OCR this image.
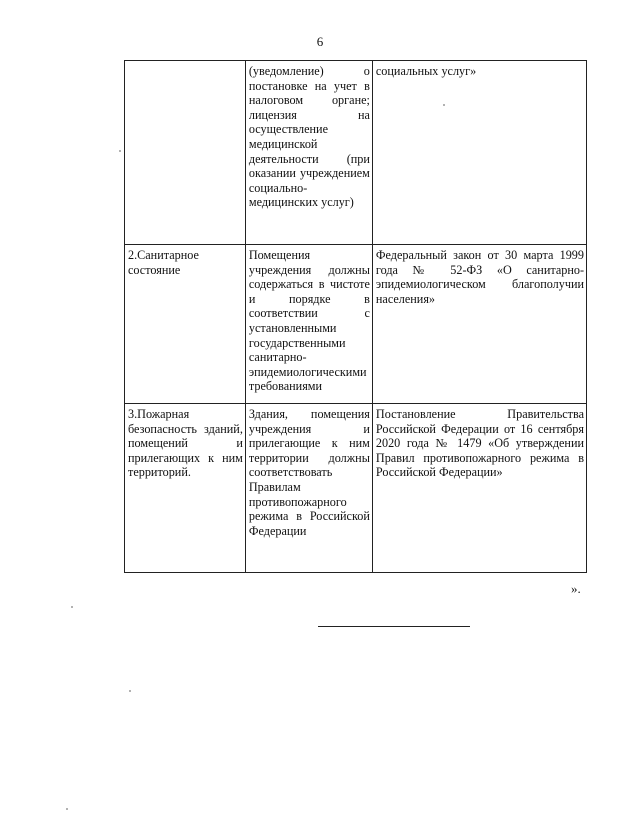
6

	(уведомление) о постановке на учет в налоговом органе; лицензия на осуществление медицинской деятельности (при оказании учреждением социально-медицинских услуг)	социальных услуг»

2.Санитарное состояние	Помещения учреждения должны содержаться в чистоте и порядке в соответствии с установленными государственными санитарно-эпидемиологическими требованиями	Федеральный закон от 30 марта 1999 года № 52-ФЗ «О санитарно-эпидемиологическом благополучии населения»

3.Пожарная безопасность зданий, помещений и прилегающих к ним территорий.	Здания, помещения учреждения и прилегающие к ним территории должны соответствовать Правилам противопожарного режима в Российской Федерации	Постановление Правительства Российской Федерации от 16 сентября 2020 года № 1479 «Об утверждении Правил противопожарного режима в Российской Федерации»
».
